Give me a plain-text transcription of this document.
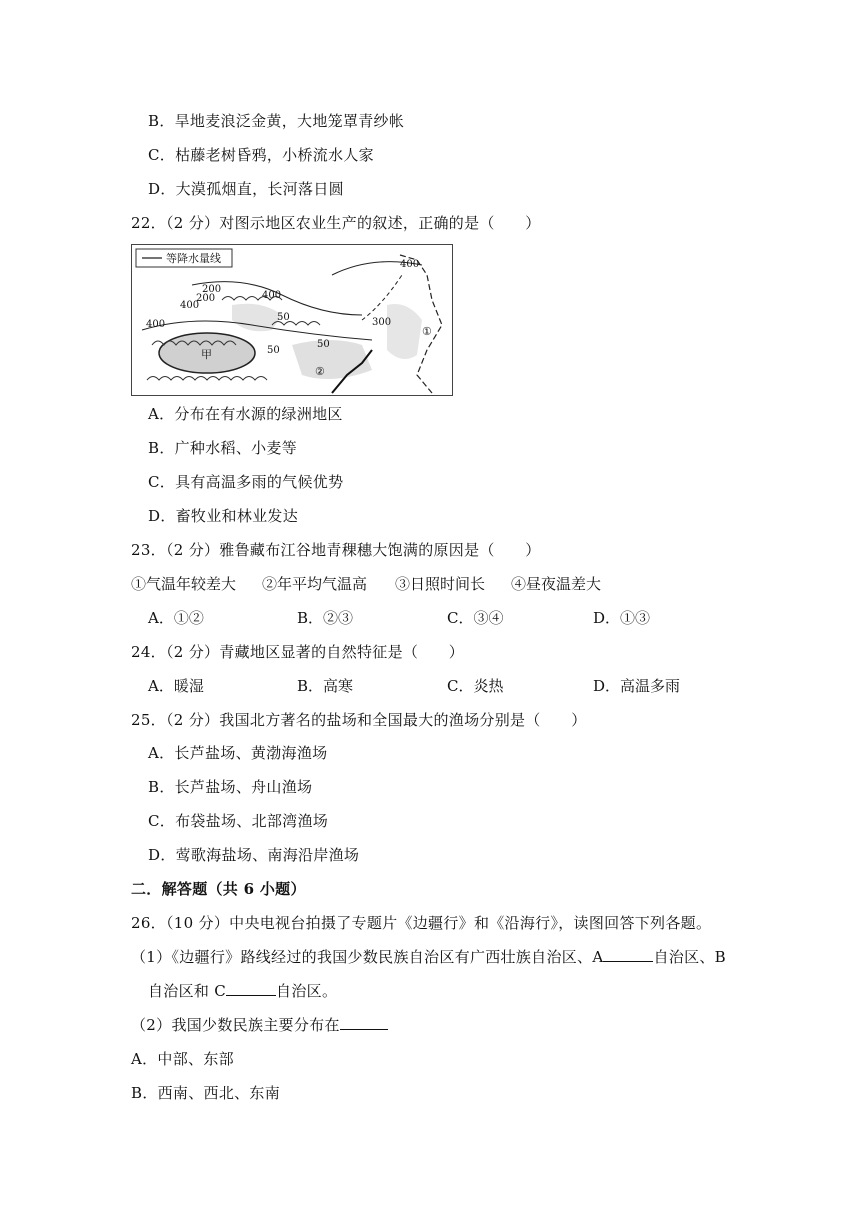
B．旱地麦浪泛金黄，大地笼罩青纱帐
C．枯藤老树昏鸦，小桥流水人家
D．大漠孤烟直，长河落日圆
22．（2 分）对图示地区农业生产的叙述，正确的是（　　）
等降水量线
甲
400
200
200
400
400
50	300
50
50
400
①
②
A．分布在有水源的绿洲地区
B．广种水稻、小麦等
C．具有高温多雨的气候优势
D．畜牧业和林业发达
23．（2 分）雅鲁藏布江谷地青稞穗大饱满的原因是（　　）
①气温年较差大 ②年平均气温高 ③日照时间长 ④昼夜温差大
A．①②	B．②③	C．③④	D．①③
24．（2 分）青藏地区显著的自然特征是（　　）
A．暖湿	B．高寒	C．炎热	D．高温多雨
25．（2 分）我国北方著名的盐场和全国最大的渔场分别是（　　）
A．长芦盐场、黄渤海渔场
B．长芦盐场、舟山渔场
C．布袋盐场、北部湾渔场
D．莺歌海盐场、南海沿岸渔场
二．解答题（共 6 小题）
26．（10 分）中央电视台拍摄了专题片《边疆行》和《沿海行》，读图回答下列各题。
（1）《边疆行》路线经过的我国少数民族自治区有广西壮族自治区、A	自治区、B
自治区和 C	自治区。
（2）我国少数民族主要分布在
A．中部、东部
B．西南、西北、东南
